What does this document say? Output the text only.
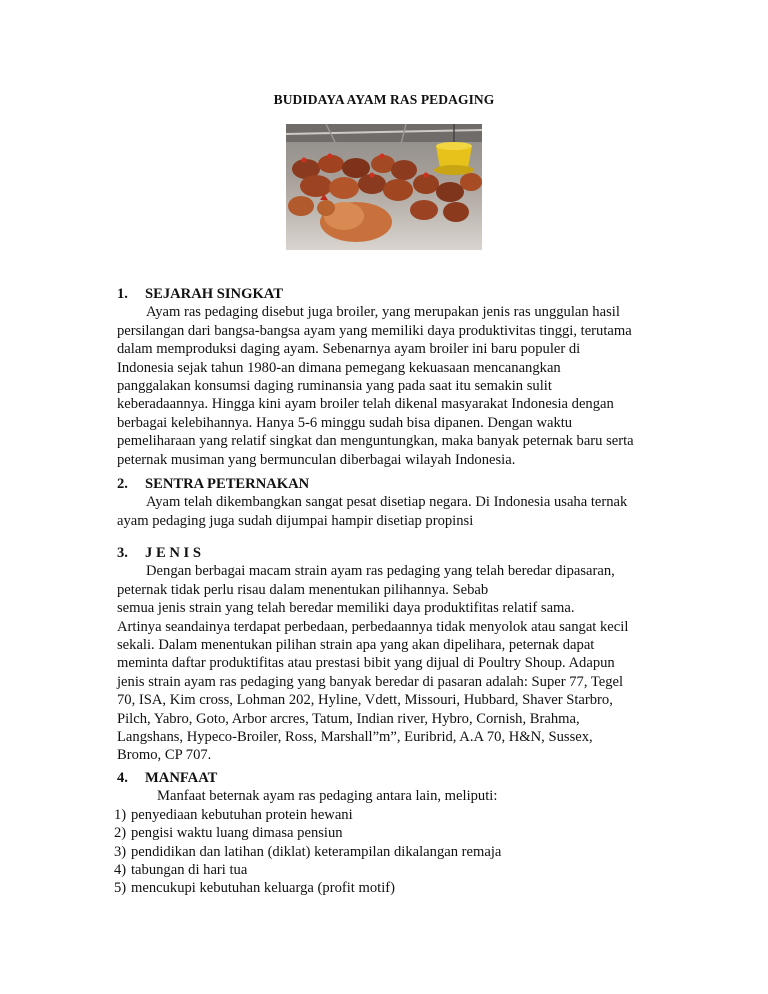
BUDIDAYA AYAM RAS PEDAGING
1.	SEJARAH SINGKAT

Ayam ras pedaging disebut juga broiler, yang merupakan jenis ras unggulan hasil

persilangan dari bangsa-bangsa ayam yang memiliki daya produktivitas tinggi, terutama

dalam memproduksi daging ayam. Sebenarnya ayam broiler ini baru populer di

Indonesia sejak tahun 1980-an dimana pemegang kekuasaan mencanangkan

panggalakan konsumsi daging ruminansia yang pada saat itu semakin sulit

keberadaannya. Hingga kini ayam broiler telah dikenal masyarakat Indonesia dengan

berbagai kelebihannya. Hanya 5-6 minggu sudah bisa dipanen. Dengan waktu

pemeliharaan yang relatif singkat dan menguntungkan, maka banyak peternak baru serta

peternak musiman yang bermunculan diberbagai wilayah Indonesia.

2.	SENTRA PETERNAKAN

Ayam telah dikembangkan sangat pesat disetiap negara. Di Indonesia usaha ternak

ayam pedaging juga sudah dijumpai hampir disetiap propinsi

3.	J E N I S

Dengan berbagai macam strain ayam ras pedaging yang telah beredar dipasaran,

peternak tidak perlu risau dalam menentukan pilihannya. Sebab

semua jenis strain yang telah beredar memiliki daya produktifitas relatif sama.

Artinya seandainya terdapat perbedaan, perbedaannya tidak menyolok atau sangat kecil

sekali. Dalam menentukan pilihan strain apa yang akan dipelihara, peternak dapat

meminta daftar produktifitas atau prestasi bibit yang dijual di Poultry Shoup. Adapun

jenis strain ayam ras pedaging yang banyak beredar di pasaran adalah: Super 77, Tegel

70, ISA, Kim cross, Lohman 202, Hyline, Vdett, Missouri, Hubbard, Shaver Starbro,

Pilch, Yabro, Goto, Arbor arcres, Tatum, Indian river, Hybro, Cornish, Brahma,

Langshans, Hypeco-Broiler, Ross, Marshall”m”, Euribrid, A.A 70, H&N, Sussex,

Bromo, CP 707.

4.	MANFAAT

Manfaat beternak ayam ras pedaging antara lain, meliputi:

1) penyediaan kebutuhan protein hewani
2) pengisi waktu luang dimasa pensiun
3) pendidikan dan latihan (diklat) keterampilan dikalangan remaja
4) tabungan di hari tua
5) mencukupi kebutuhan keluarga (profit motif)
